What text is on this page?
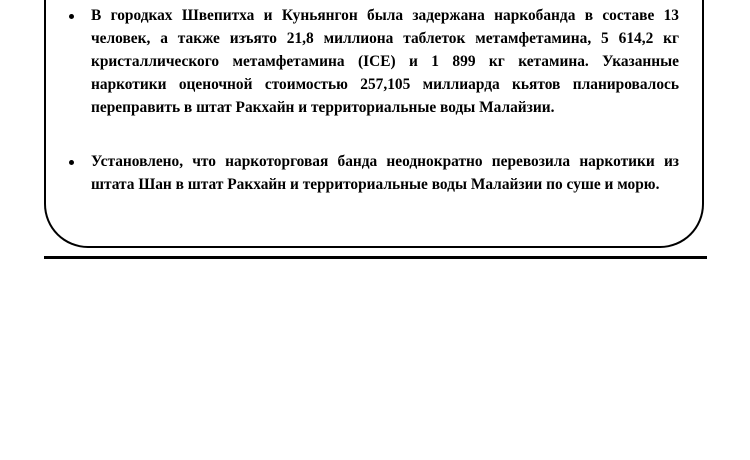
В городках Швепитха и Куньянгон была задержана наркобанда в составе 13 человек, а также изъято 21,8 миллиона таблеток метамфетамина, 5 614,2 кг кристаллического метамфетамина (ICE) и 1 899 кг кетамина. Указанные наркотики оценочной стоимостью 257,105 миллиарда кьятов планировалось переправить в штат Ракхайн и территориальные воды Малайзии.
Установлено, что наркоторговая банда неоднократно перевозила наркотики из штата Шан в штат Ракхайн и территориальные воды Малайзии по суше и морю.
